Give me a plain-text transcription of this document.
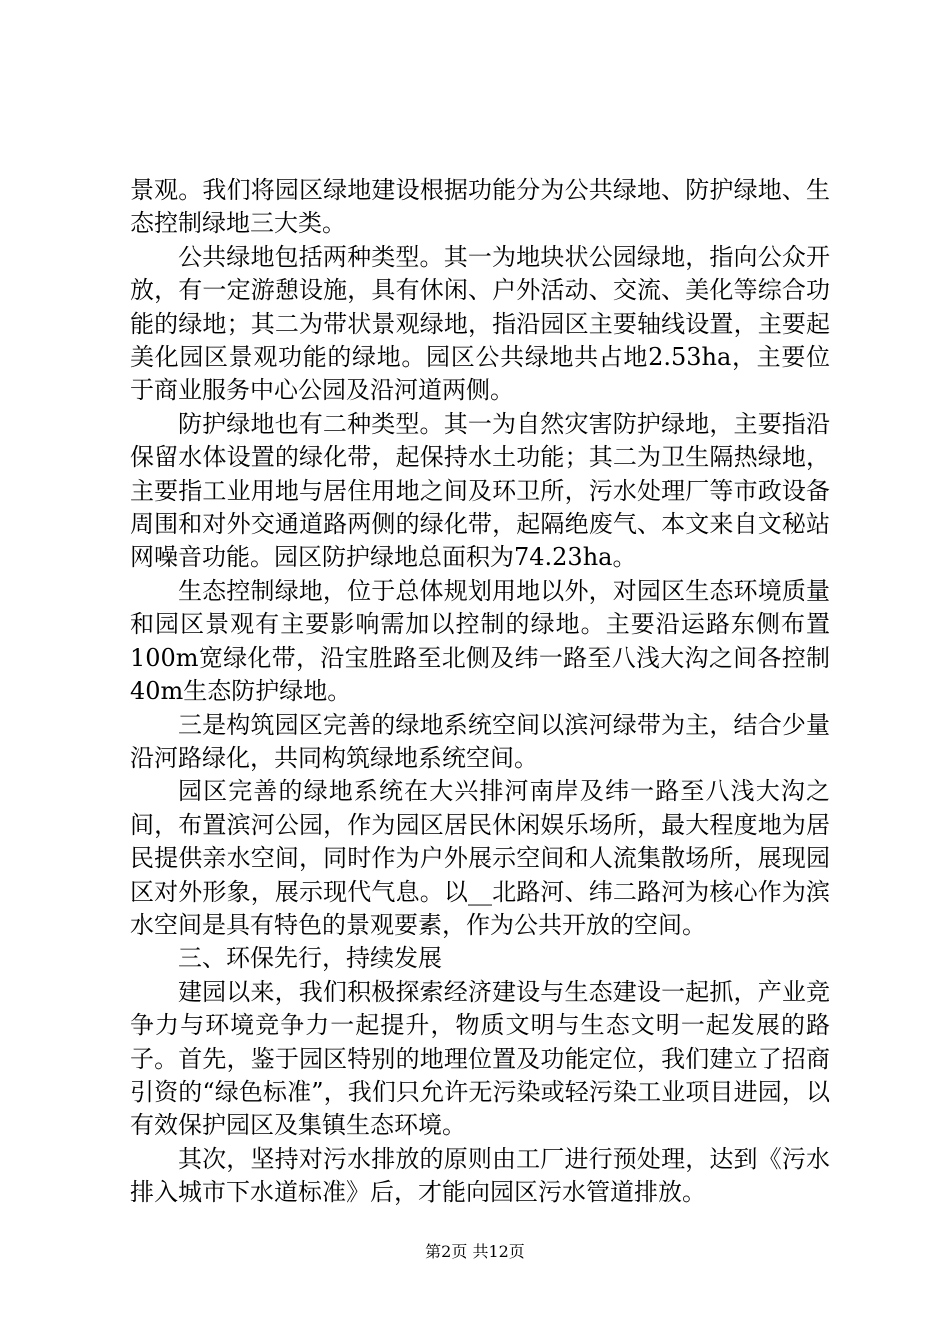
景观。我们将园区绿地建设根据功能分为公共绿地、防护绿地、生态控制绿地三大类。

公共绿地包括两种类型。其一为地块状公园绿地，指向公众开放，有一定游憩设施，具有休闲、户外活动、交流、美化等综合功能的绿地；其二为带状景观绿地，指沿园区主要轴线设置，主要起美化园区景观功能的绿地。园区公共绿地共占地2.53ha，主要位于商业服务中心公园及沿河道两侧。

防护绿地也有二种类型。其一为自然灾害防护绿地，主要指沿保留水体设置的绿化带，起保持水土功能；其二为卫生隔热绿地，主要指工业用地与居住用地之间及环卫所，污水处理厂等市政设备周围和对外交通道路两侧的绿化带，起隔绝废气、本文来自文秘站网噪音功能。园区防护绿地总面积为74.23ha。

生态控制绿地，位于总体规划用地以外，对园区生态环境质量和园区景观有主要影响需加以控制的绿地。主要沿运路东侧布置100m宽绿化带，沿宝胜路至北侧及纬一路至八浅大沟之间各控制40m生态防护绿地。

三是构筑园区完善的绿地系统空间以滨河绿带为主，结合少量沿河路绿化，共同构筑绿地系统空间。

园区完善的绿地系统在大兴排河南岸及纬一路至八浅大沟之间，布置滨河公园，作为园区居民休闲娱乐场所，最大程度地为居民提供亲水空间，同时作为户外展示空间和人流集散场所，展现园区对外形象，展示现代气息。以__北路河、纬二路河为核心作为滨水空间是具有特色的景观要素，作为公共开放的空间。

三、环保先行，持续发展

建园以来，我们积极探索经济建设与生态建设一起抓，产业竞争力与环境竞争力一起提升，物质文明与生态文明一起发展的路子。首先，鉴于园区特别的地理位置及功能定位，我们建立了招商引资的“绿色标准”，我们只允许无污染或轻污染工业项目进园，以有效保护园区及集镇生态环境。

其次，坚持对污水排放的原则由工厂进行预处理，达到《污水排入城市下水道标准》后，才能向园区污水管道排放。

第2页 共12页
